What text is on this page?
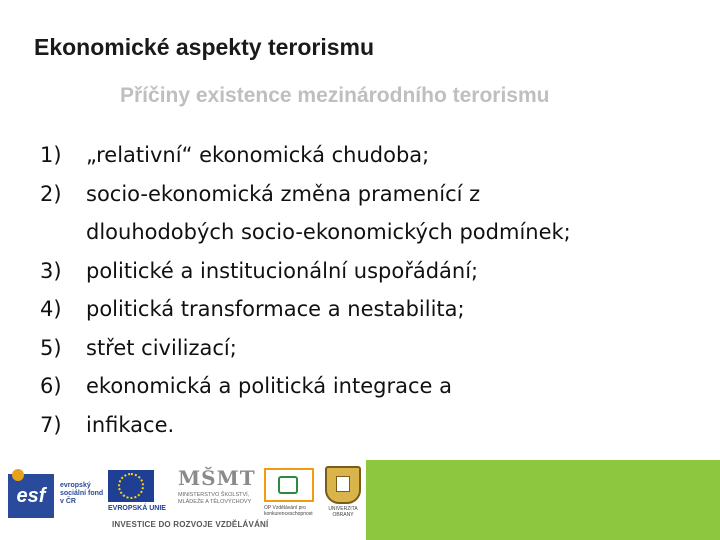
Ekonomické aspekty terorismu
Příčiny existence mezinárodního terorismu
1)	„relativní“ ekonomická chudoba;
2)	socio-ekonomická změna pramenící z
dlouhodobých socio-ekonomických podmínek;
3)	politické a institucionální uspořádání;
4)	politická transformace a nestabilita;
5)	střet civilizací;
6)	ekonomická a politická integrace a
7)	infikace.
esf	evropský sociální fond v ČR
EVROPSKÁ UNIE
MŠMT
MINISTERSTVO ŠKOLSTVÍ, MLÁDEŽE A TĚLOVÝCHOVY
OP Vzdělávání pro konkurenceschopnost
UNIVERZITA OBRANY
INVESTICE DO ROZVOJE VZDĚLÁVÁNÍ
